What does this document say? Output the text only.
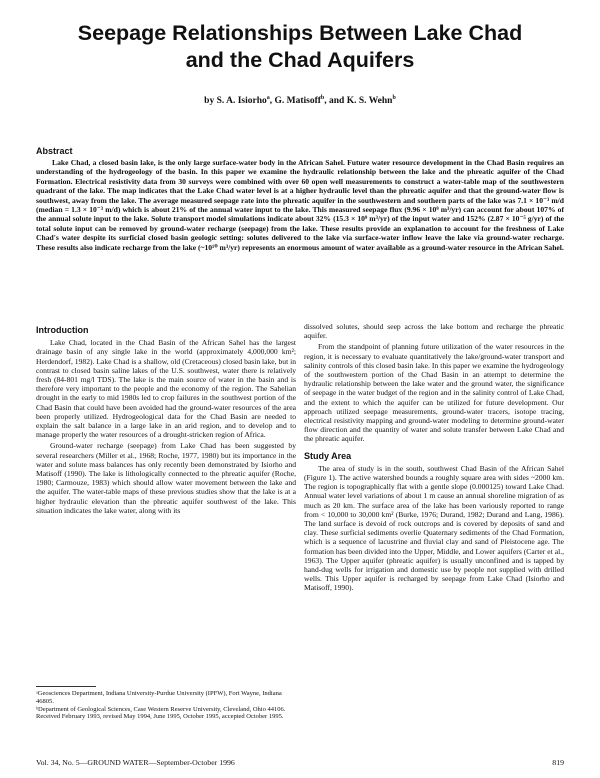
Seepage Relationships Between Lake Chad
and the Chad Aquifers
by S. A. Isiorho$^a$, G. Matisoff$^b$, and K. S. Wehn$^b$
Abstract

Lake Chad, a closed basin lake, is the only large surface-water body in the African Sahel. Future water resource development in the Chad Basin requires an understanding of the hydrogeology of the basin. In this paper we examine the hydraulic relationship between the lake and the phreatic aquifer of the Chad Formation. Electrical resistivity data from 30 surveys were combined with over 60 open well measurements to construct a water-table map of the southwestern quadrant of the lake. The map indicates that the Lake Chad water level is at a higher hydraulic level than the phreatic aquifer and that the ground-water flow is southwest, away from the lake. The average measured seepage rate into the phreatic aquifer in the southwestern and southern parts of the lake was 7.1 × 10⁻³ m/d (median = 1.3 × 10⁻³ m/d) which is about 21% of the annual water input to the lake. This measured seepage flux (9.96 × 10⁹ m³/yr) can account for about 107% of the annual solute input to the lake. Solute transport model simulations indicate about 32% (15.3 × 10⁹ m³/yr) of the input water and 152% (2.87 × 10⁻⁵ g/yr) of the total solute input can be removed by ground-water recharge (seepage) from the lake. These results provide an explanation to account for the freshness of Lake Chad's water despite its surficial closed basin geologic setting: solutes delivered to the lake via surface-water inflow leave the lake via ground-water recharge. These results also indicate recharge from the lake (~10¹⁰ m³/yr) represents an enormous amount of water available as a ground-water resource in the African Sahel.

Introduction

Lake Chad, located in the Chad Basin of the African Sahel has the largest drainage basin of any single lake in the world (approximately 4,000,000 km²; Herdendorf, 1982). Lake Chad is a shallow, old (Cretaceous) closed basin lake, but in contrast to closed basin saline lakes of the U.S. southwest, water there is relatively fresh (84-801 mg/l TDS). The lake is the main source of water in the basin and is therefore very important to the people and the economy of the region. The Sahelian drought in the early to mid 1980s led to crop failures in the southwest portion of the Chad Basin that could have been avoided had the ground-water resources of the area been properly utilized. Hydrogeological data for the Chad Basin are needed to explain the salt balance in a large lake in an arid region, and to develop and to manage properly the water resources of a drought-stricken region of Africa.

Ground-water recharge (seepage) from Lake Chad has been suggested by several researchers (Miller et al., 1968; Roche, 1977, 1980) but its importance in the water and solute mass balances has only recently been demonstrated by Isiorho and Matisoff (1990). The lake is lithologically connected to the phreatic aquifer (Roche, 1980; Carmouze, 1983) which should allow water movement between the lake and the aquifer. The water-table maps of these previous studies show that the lake is at a higher hydraulic elevation than the phreatic aquifer southwest of the lake. This situation indicates the lake water, along with its

ᵃGeosciences Department, Indiana University-Purdue University (IPFW), Fort Wayne, Indiana 46805.

ᵇDepartment of Geological Sciences, Case Western Reserve University, Cleveland, Ohio 44106.

Received February 1993, revised May 1994, June 1995, October 1995, accepted October 1995.

dissolved solutes, should seep across the lake bottom and recharge the phreatic aquifer.

From the standpoint of planning future utilization of the water resources in the region, it is necessary to evaluate quantitatively the lake/ground-water transport and salinity controls of this closed basin lake. In this paper we examine the hydrogeology of the southwestern portion of the Chad Basin in an attempt to determine the hydraulic relationship between the lake water and the ground water, the significance of seepage in the water budget of the region and in the salinity control of Lake Chad, and the extent to which the aquifer can be utilized for future development. Our approach utilized seepage measurements, ground-water tracers, isotope tracing, electrical resistivity mapping and ground-water modeling to determine ground-water flow direction and the quantity of water and solute transfer between Lake Chad and the phreatic aquifer.

Study Area

The area of study is in the south, southwest Chad Basin of the African Sahel (Figure 1). The active watershed bounds a roughly square area with sides ~2000 km. The region is topographically flat with a gentle slope (0.000125) toward Lake Chad. Annual water level variations of about 1 m cause an annual shoreline migration of as much as 20 km. The surface area of the lake has been variously reported to range from < 10,000 to 30,000 km² (Burke, 1976; Durand, 1982; Durand and Lang, 1986). The land surface is devoid of rock outcrops and is covered by deposits of sand and clay. These surficial sediments overlie Quaternary sediments of the Chad Formation, which is a sequence of lacustrine and fluvial clay and sand of Pleistocene age. The formation has been divided into the Upper, Middle, and Lower aquifers (Carter et al., 1963). The Upper aquifer (phreatic aquifer) is usually unconfined and is tapped by hand-dug wells for irrigation and domestic use by people not supplied with drilled wells. This Upper aquifer is recharged by seepage from Lake Chad (Isiorho and Matisoff, 1990).

Vol. 34, No. 5—GROUND WATER—September-October 1996	819
